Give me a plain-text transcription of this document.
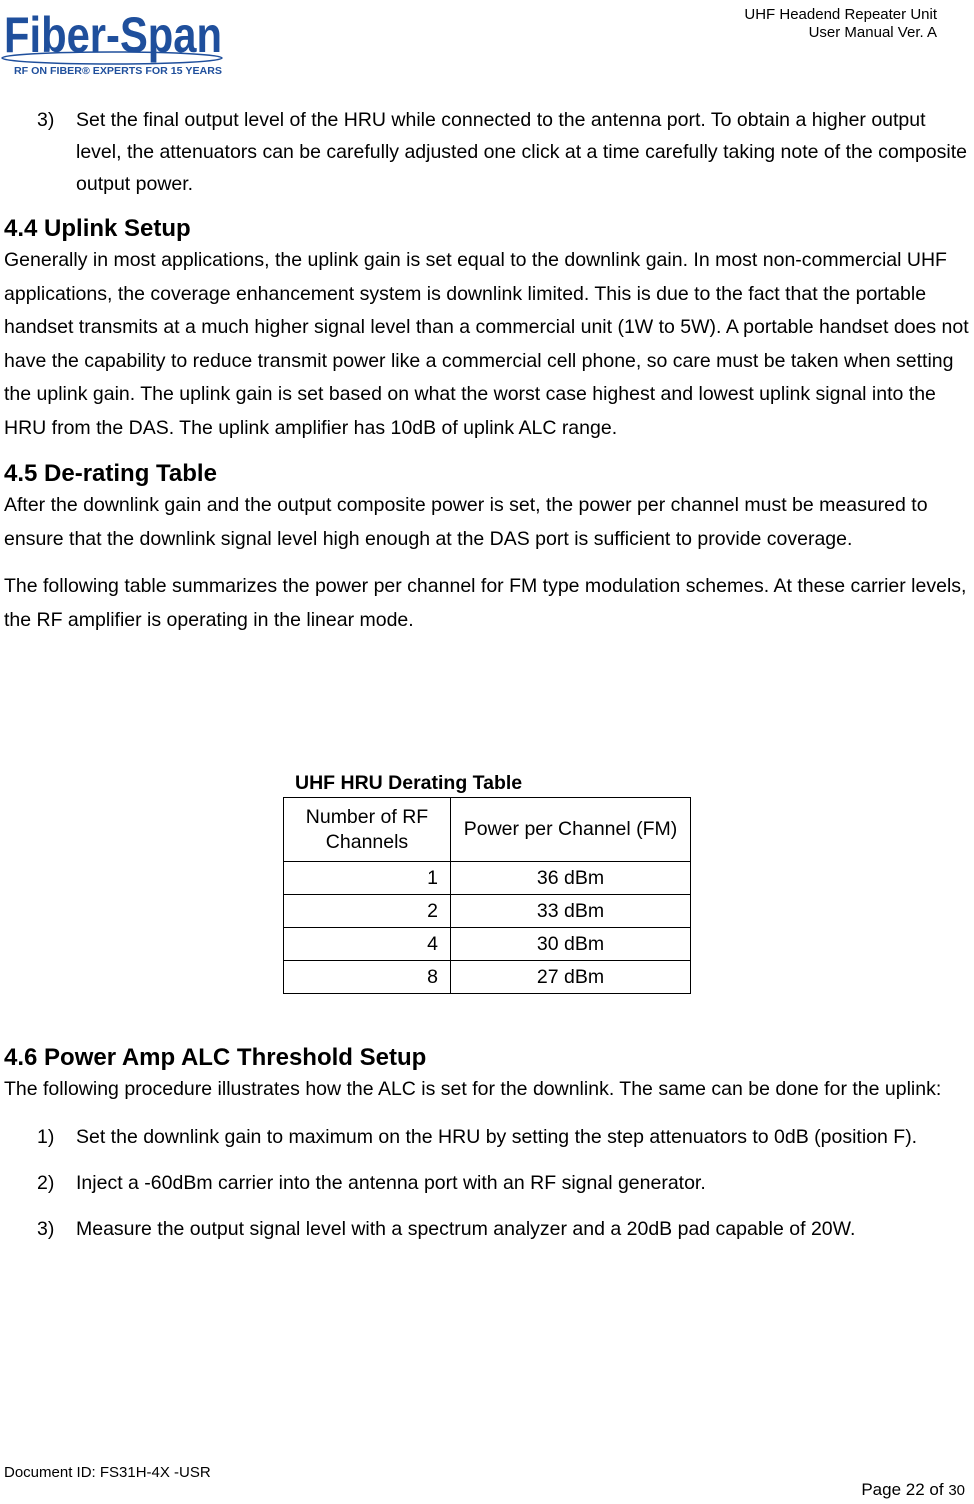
Fiber-Span
RF ON FIBER® EXPERTS FOR 15 YEARS
UHF Headend Repeater Unit
User Manual Ver. A
3) Set the final output level of the HRU while connected to the antenna port. To obtain a higher output level, the attenuators can be carefully adjusted one click at a time carefully taking note of the composite output power.
4.4 Uplink Setup
Generally in most applications, the uplink gain is set equal to the downlink gain. In most non-commercial UHF applications, the coverage enhancement system is downlink limited. This is due to the fact that the portable handset transmits at a much higher signal level than a commercial unit (1W to 5W). A portable handset does not have the capability to reduce transmit power like a commercial cell phone, so care must be taken when setting the uplink gain. The uplink gain is set based on what the worst case highest and lowest uplink signal into the HRU from the DAS. The uplink amplifier has 10dB of uplink ALC range.
4.5 De-rating Table
After the downlink gain and the output composite power is set, the power per channel must be measured to ensure that the downlink signal level high enough at the DAS port is sufficient to provide coverage.
The following table summarizes the power per channel for FM type modulation schemes. At these carrier levels, the RF amplifier is operating in the linear mode.
UHF HRU Derating Table
Number of RF Channels	Power per Channel (FM)
1	36 dBm
2	33 dBm
4	30 dBm
8	27 dBm
4.6 Power Amp ALC Threshold Setup
The following procedure illustrates how the ALC is set for the downlink. The same can be done for the uplink:
1) Set the downlink gain to maximum on the HRU by setting the step attenuators to 0dB (position F).
2) Inject a -60dBm carrier into the antenna port with an RF signal generator.
3) Measure the output signal level with a spectrum analyzer and a 20dB pad capable of 20W.
Document ID: FS31H-4X -USR
Page 22 of 30
